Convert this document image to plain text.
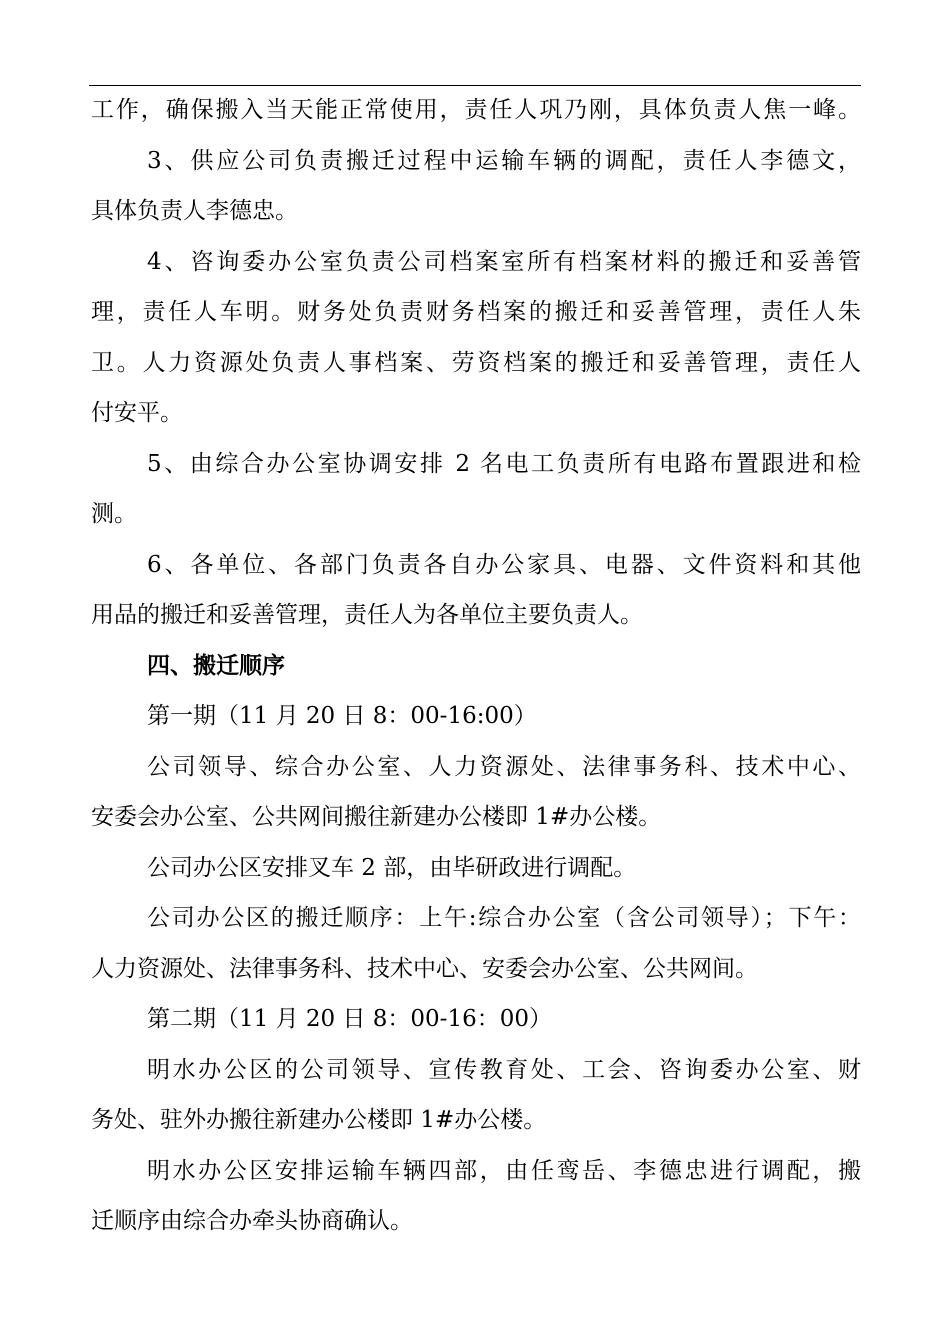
工作，确保搬入当天能正常使用，责任人巩乃刚，具体负责人焦一峰。
3、供应公司负责搬迁过程中运输车辆的调配，责任人李德文，
具体负责人李德忠。
4、咨询委办公室负责公司档案室所有档案材料的搬迁和妥善管
理，责任人车明。财务处负责财务档案的搬迁和妥善管理，责任人朱
卫。人力资源处负责人事档案、劳资档案的搬迁和妥善管理，责任人
付安平。
5、由综合办公室协调安排 2 名电工负责所有电路布置跟进和检
测。
6、各单位、各部门负责各自办公家具、电器、文件资料和其他
用品的搬迁和妥善管理，责任人为各单位主要负责人。
四、搬迁顺序
第一期（11 月 20 日 8：00-16:00）
公司领导、综合办公室、人力资源处、法律事务科、技术中心、
安委会办公室、公共网间搬往新建办公楼即 1#办公楼。
公司办公区安排叉车 2 部，由毕研政进行调配。
公司办公区的搬迁顺序：上午:综合办公室（含公司领导）；下午：
人力资源处、法律事务科、技术中心、安委会办公室、公共网间。
第二期（11 月 20 日 8：00-16：00）
明水办公区的公司领导、宣传教育处、工会、咨询委办公室、财
务处、驻外办搬往新建办公楼即 1#办公楼。
明水办公区安排运输车辆四部，由任鸾岳、李德忠进行调配，搬
迁顺序由综合办牵头协商确认。
